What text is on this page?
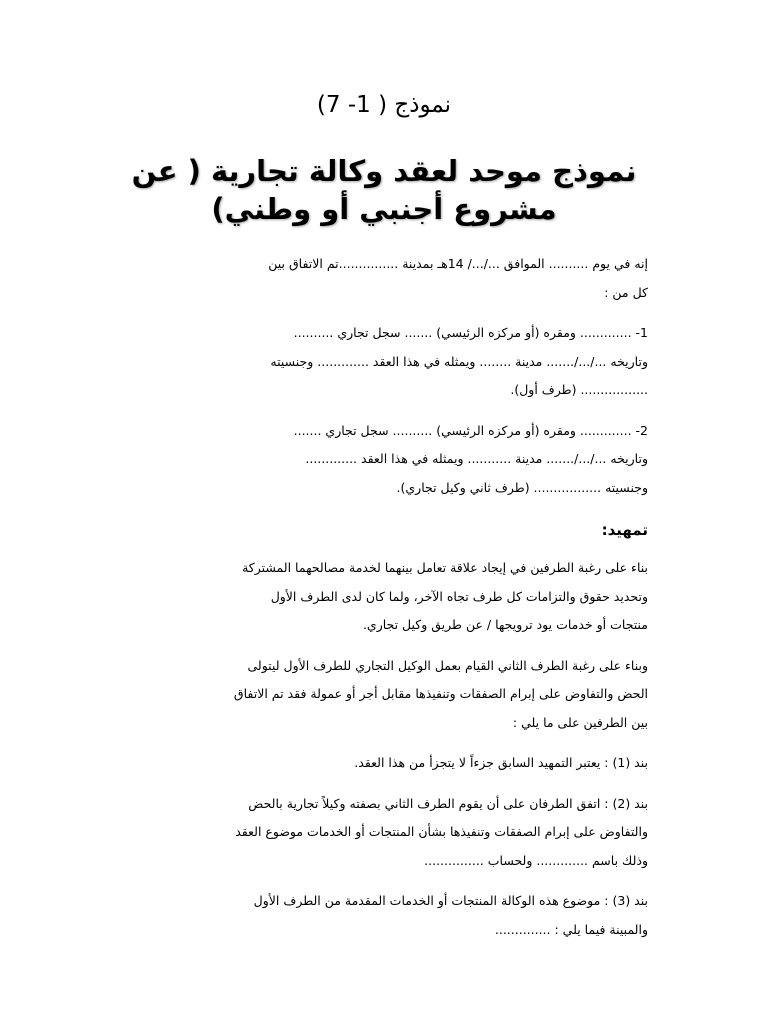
نموذج ( 1- 7)
نموذج موحد لعقد وكالة تجارية ( عن
مشروع أجنبي أو وطني)

إنه في يوم .......... الموافق .../.../ 14هـ بمدينة ...............تم الاتفاق بين

كل من :

1- ............. ومقره (أو مركزه الرئيسي) ....... سجل تجاري ..........

وتاريخه .../.../....... مدينة ........ ويمثله في هذا العقد ............. وجنسيته

................. (طرف أول).

2- ............. ومقره (أو مركزه الرئيسي) .......... سجل تجاري .......

وتاريخه .../.../....... مدينة ........... ويمثله في هذا العقد .............

وجنسيته ................. (طرف ثاني وكيل تجاري).

تمهيد:

بناء على رغبة الطرفين في إيجاد علاقة تعامل بينهما لخدمة مصالحهما المشتركة

وتحديد حقوق والتزامات كل طرف تجاه الآخر، ولما كان لدى الطرف الأول

منتجات أو خدمات يود ترويجها / عن طريق وكيل تجاري.

وبناء على رغبة الطرف الثاني القيام بعمل الوكيل التجاري للطرف الأول ليتولى

الحض والتفاوض على إبرام الصفقات وتنفيذها مقابل أجر أو عمولة فقد تم الاتفاق

بين الطرفين على ما يلي :

بند (1) : يعتبر التمهيد السابق جزءاً لا يتجزأ من هذا العقد.

بند (2) : اتفق الطرفان على أن يقوم الطرف الثاني بصفته وكيلاً تجارية بالحض

والتفاوض على إبرام الصفقات وتنفيذها بشأن المنتجات أو الخدمات موضوع العقد

وذلك باسم ............. ولحساب ...............

بند (3) : موضوع هذه الوكالة المنتجات أو الخدمات المقدمة من الطرف الأول

والمبينة فيما يلي : ..............
